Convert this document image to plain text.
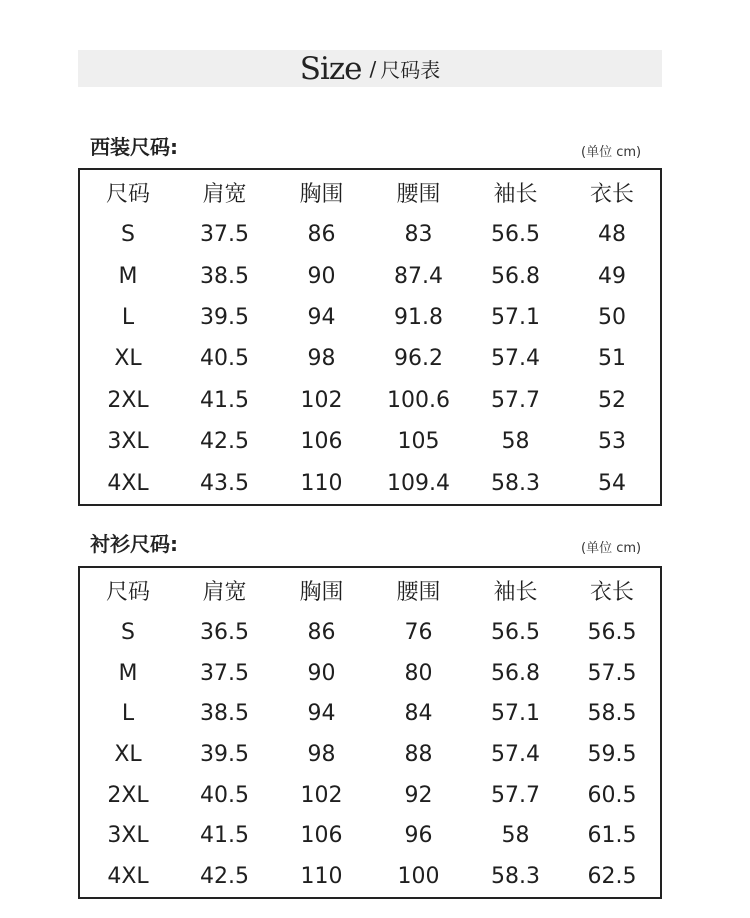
Size / 尺码表
西装尺码:	(单位 cm)
尺码	肩宽	胸围	腰围	袖长	衣长
S	37.5	86	83	56.5	48
M	38.5	90	87.4	56.8	49
L	39.5	94	91.8	57.1	50
XL	40.5	98	96.2	57.4	51
2XL	41.5	102	100.6	57.7	52
3XL	42.5	106	105	58	53
4XL	43.5	110	109.4	58.3	54
衬衫尺码:	(单位 cm)
尺码	肩宽	胸围	腰围	袖长	衣长
S	36.5	86	76	56.5	56.5
M	37.5	90	80	56.8	57.5
L	38.5	94	84	57.1	58.5
XL	39.5	98	88	57.4	59.5
2XL	40.5	102	92	57.7	60.5
3XL	41.5	106	96	58	61.5
4XL	42.5	110	100	58.3	62.5
